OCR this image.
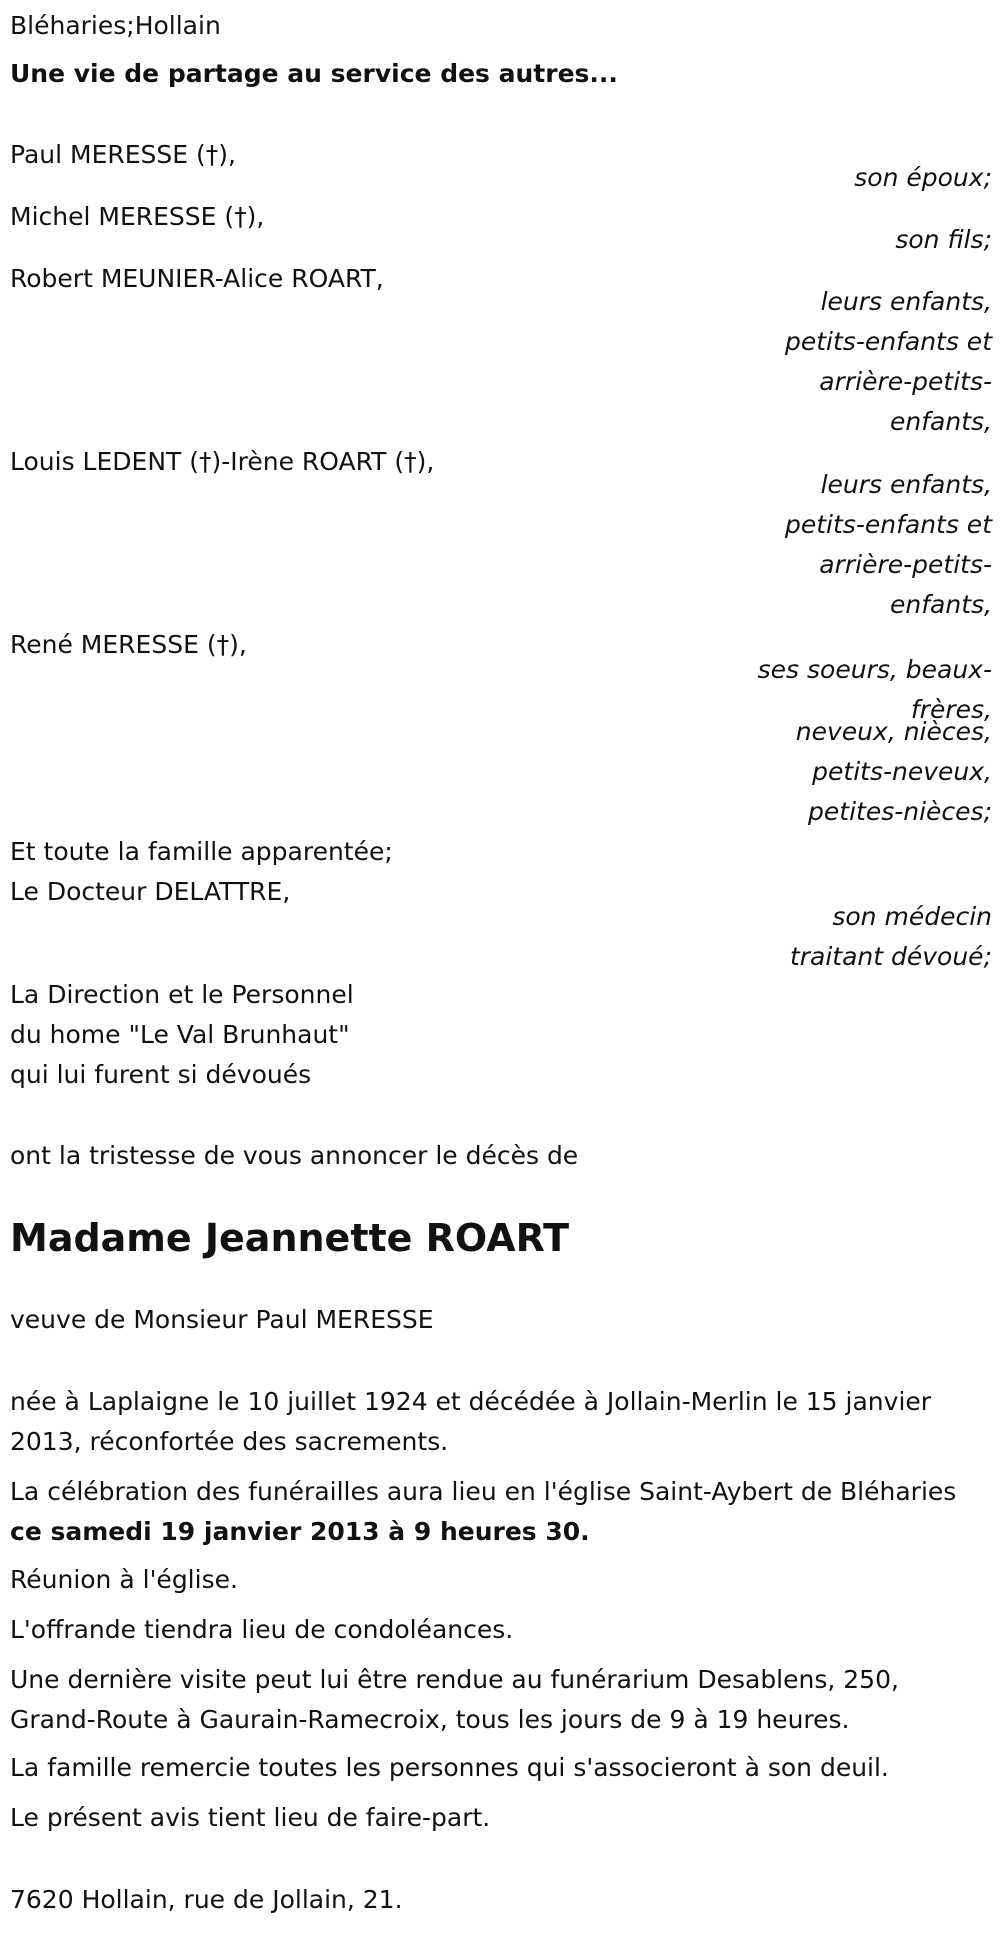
Bléharies;Hollain
Une vie de partage au service des autres...
Paul MERESSE (†),
son époux;
Michel MERESSE (†),
son fils;
Robert MEUNIER-Alice ROART,
leurs enfants, petits-enfants et arrière-petits-enfants,
Louis LEDENT (†)-Irène ROART (†),
leurs enfants, petits-enfants et arrière-petits-enfants,
René MERESSE (†),
ses soeurs, beaux-frères,
neveux, nièces, petits-neveux, petites-nièces;
Et toute la famille apparentée;
Le Docteur DELATTRE,
son médecin traitant dévoué;
La Direction et le Personnel
du home "Le Val Brunhaut"
qui lui furent si dévoués
ont la tristesse de vous annoncer le décès de
Madame Jeannette ROART
veuve de Monsieur Paul MERESSE
née à Laplaigne le 10 juillet 1924 et décédée à Jollain-Merlin le 15 janvier 2013, réconfortée des sacrements.
La célébration des funérailles aura lieu en l'église Saint-Aybert de Bléharies ce samedi 19 janvier 2013 à 9 heures 30.
Réunion à l'église.
L'offrande tiendra lieu de condoléances.
Une dernière visite peut lui être rendue au funérarium Desablens, 250, Grand-Route à Gaurain-Ramecroix, tous les jours de 9 à 19 heures.
La famille remercie toutes les personnes qui s'associeront à son deuil.
Le présent avis tient lieu de faire-part.
7620 Hollain, rue de Jollain, 21.
